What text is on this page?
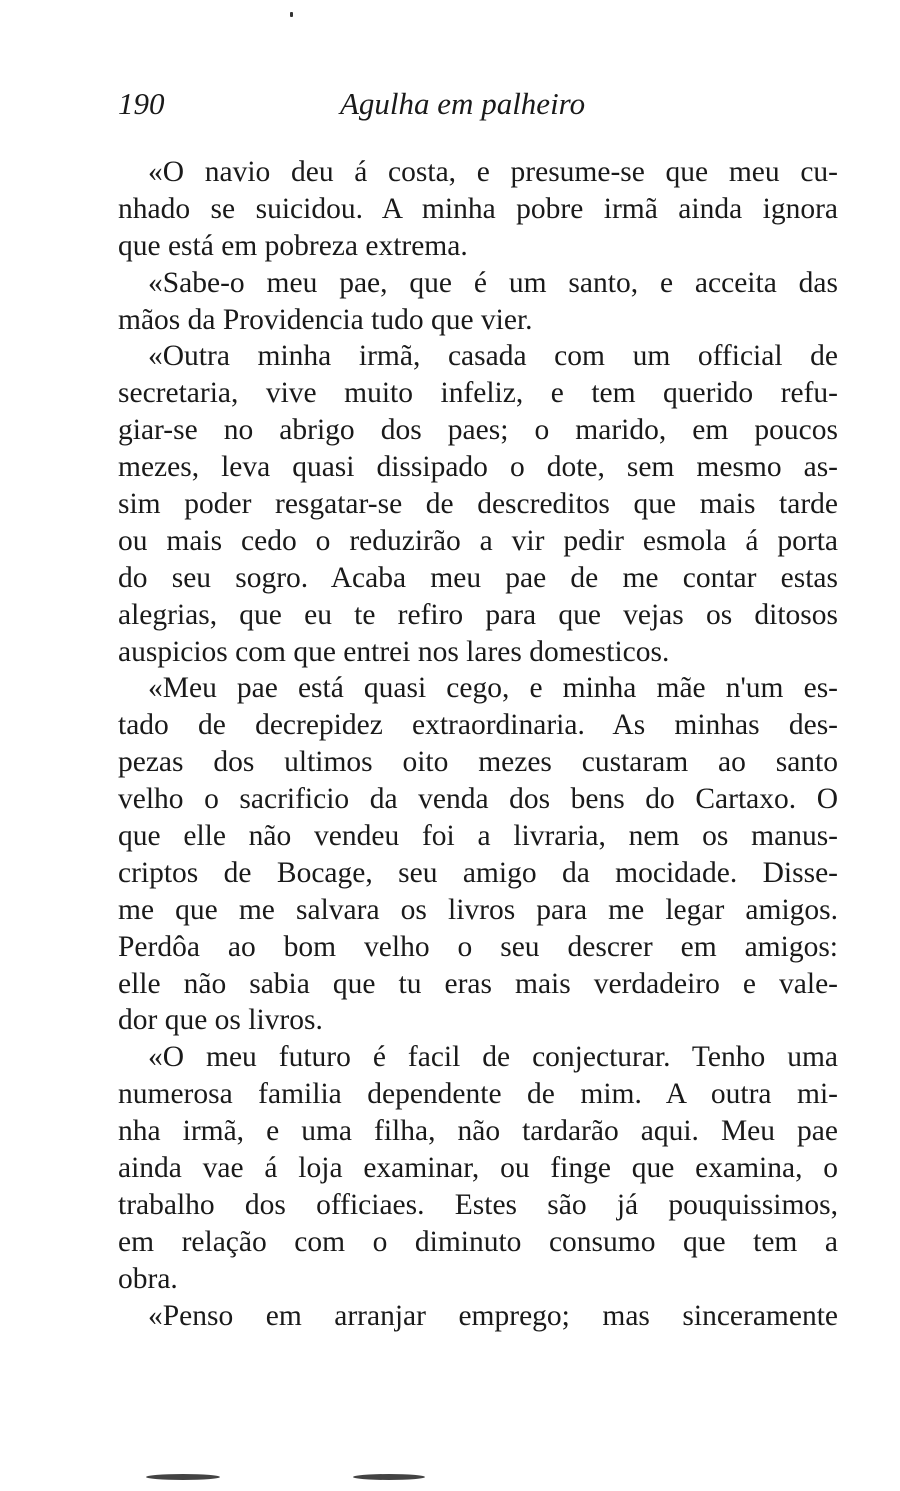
190	Agulha em palheiro
«O navio deu á costa, e presume-se que meu cu-
nhado se suicidou. A minha pobre irmã ainda ignora
que está em pobreza extrema.
«Sabe-o meu pae, que é um santo, e acceita das
mãos da Providencia tudo que vier.
«Outra minha irmã, casada com um official de
secretaria, vive muito infeliz, e tem querido refu-
giar-se no abrigo dos paes; o marido, em poucos
mezes, leva quasi dissipado o dote, sem mesmo as-
sim poder resgatar-se de descreditos que mais tarde
ou mais cedo o reduzirão a vir pedir esmola á porta
do seu sogro. Acaba meu pae de me contar estas
alegrias, que eu te refiro para que vejas os ditosos
auspicios com que entrei nos lares domesticos.
«Meu pae está quasi cego, e minha mãe n'um es-
tado de decrepidez extraordinaria. As minhas des-
pezas dos ultimos oito mezes custaram ao santo
velho o sacrificio da venda dos bens do Cartaxo. O
que elle não vendeu foi a livraria, nem os manus-
criptos de Bocage, seu amigo da mocidade. Disse-
me que me salvara os livros para me legar amigos.
Perdôa ao bom velho o seu descrer em amigos:
elle não sabia que tu eras mais verdadeiro e vale-
dor que os livros.
«O meu futuro é facil de conjecturar. Tenho uma
numerosa familia dependente de mim. A outra mi-
nha irmã, e uma filha, não tardarão aqui. Meu pae
ainda vae á loja examinar, ou finge que examina, o
trabalho dos officiaes. Estes são já pouquissimos,
em relação com o diminuto consumo que tem a
obra.
«Penso em arranjar emprego; mas sinceramente
